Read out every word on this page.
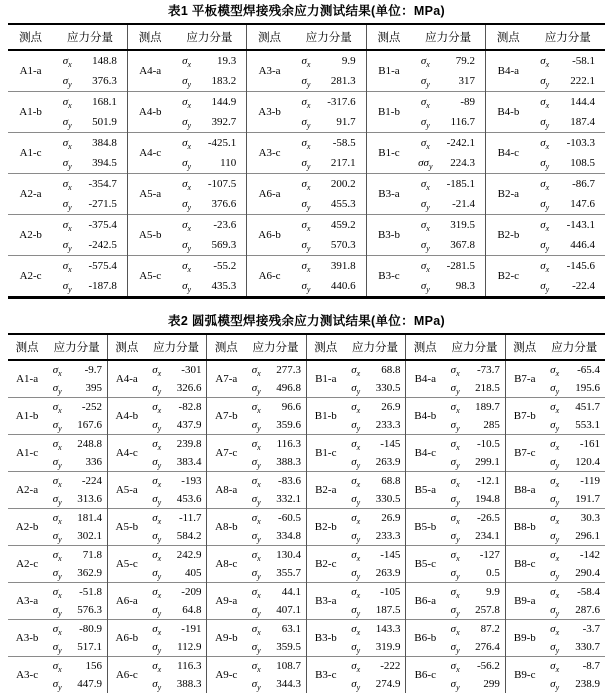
表1 平板模型焊接残余应力测试结果(单位：MPa)
测点	应力分量		测点	应力分量		测点	应力分量		测点	应力分量		测点	应力分量	
A1-a	$\sigma_x$	148.8	A4-a	$\sigma_x$	19.3	A3-a	$\sigma_x$	9.9	B1-a	$\sigma_x$	79.2	B4-a	$\sigma_x$	-58.1
	$\sigma_y$	376.3		$\sigma_y$	183.2		$\sigma_y$	281.3		$\sigma_y$	317		$\sigma_y$	222.1
A1-b	$\sigma_x$	168.1	A4-b	$\sigma_x$	144.9	A3-b	$\sigma_x$	-317.6	B1-b	$\sigma_x$	-89	B4-b	$\sigma_x$	144.4
	$\sigma_y$	501.9		$\sigma_y$	392.7		$\sigma_y$	91.7		$\sigma_y$	116.7		$\sigma_y$	187.4
A1-c	$\sigma_x$	384.8	A4-c	$\sigma_x$	-425.1	A3-c	$\sigma_x$	-58.5	B1-c	$\sigma_x$	-242.1	B4-c	$\sigma_x$	-103.3
	$\sigma_y$	394.5		$\sigma_y$	110		$\sigma_y$	217.1		$\sigma\sigma_y$	224.3		$\sigma_y$	108.5
A2-a	$\sigma_x$	-354.7	A5-a	$\sigma_x$	-107.5	A6-a	$\sigma_x$	200.2	B3-a	$\sigma_x$	-185.1	B2-a	$\sigma_x$	-86.7
	$\sigma_y$	-271.5		$\sigma_y$	376.6		$\sigma_y$	455.3		$\sigma_y$	-21.4		$\sigma_y$	147.6
A2-b	$\sigma_x$	-375.4	A5-b	$\sigma_x$	-23.6	A6-b	$\sigma_x$	459.2	B3-b	$\sigma_x$	319.5	B2-b	$\sigma_x$	-143.1
	$\sigma_y$	-242.5		$\sigma_y$	569.3		$\sigma_y$	570.3		$\sigma_y$	367.8		$\sigma_y$	446.4
A2-c	$\sigma_x$	-575.4	A5-c	$\sigma_x$	-55.2	A6-c	$\sigma_x$	391.8	B3-c	$\sigma_x$	-281.5	B2-c	$\sigma_x$	-145.6
	$\sigma_y$	-187.8		$\sigma_y$	435.3		$\sigma_y$	440.6		$\sigma_y$	98.3		$\sigma_y$	-22.4
表2 圆弧模型焊接残余应力测试结果(单位：MPa)
测点	应力分量		测点	应力分量		测点	应力分量		测点	应力分量		测点	应力分量		测点	应力分量	
A1-a	$\sigma_x$	-9.7	A4-a	$\sigma_x$	-301	A7-a	$\sigma_x$	277.3	B1-a	$\sigma_x$	68.8	B4-a	$\sigma_x$	-73.7	B7-a	$\sigma_x$	-65.4
	$\sigma_y$	395		$\sigma_y$	326.6		$\sigma_y$	496.8		$\sigma_y$	330.5		$\sigma_y$	218.5		$\sigma_y$	195.6
A1-b	$\sigma_x$	-252	A4-b	$\sigma_x$	-82.8	A7-b	$\sigma_x$	96.6	B1-b	$\sigma_x$	26.9	B4-b	$\sigma_x$	189.7	B7-b	$\sigma_x$	451.7
	$\sigma_y$	167.6		$\sigma_y$	437.9		$\sigma_y$	359.6		$\sigma_y$	233.3		$\sigma_y$	285		$\sigma_y$	553.1
A1-c	$\sigma_x$	248.8	A4-c	$\sigma_x$	239.8	A7-c	$\sigma_x$	116.3	B1-c	$\sigma_x$	-145	B4-c	$\sigma_x$	-10.5	B7-c	$\sigma_x$	-161
	$\sigma_y$	336		$\sigma_y$	383.4		$\sigma_y$	388.3		$\sigma_y$	263.9		$\sigma_y$	299.1		$\sigma_y$	120.4
A2-a	$\sigma_x$	-224	A5-a	$\sigma_x$	-193	A8-a	$\sigma_x$	-83.6	B2-a	$\sigma_x$	68.8	B5-a	$\sigma_x$	-12.1	B8-a	$\sigma_x$	-119
	$\sigma_y$	313.6		$\sigma_y$	453.6		$\sigma_y$	332.1		$\sigma_y$	330.5		$\sigma_y$	194.8		$\sigma_y$	191.7
A2-b	$\sigma_x$	181.4	A5-b	$\sigma_x$	-11.7	A8-b	$\sigma_x$	-60.5	B2-b	$\sigma_x$	26.9	B5-b	$\sigma_x$	-26.5	B8-b	$\sigma_x$	30.3
	$\sigma_y$	302.1		$\sigma_y$	584.2		$\sigma_y$	334.8		$\sigma_y$	233.3		$\sigma_y$	234.1		$\sigma_y$	296.1
A2-c	$\sigma_x$	71.8	A5-c	$\sigma_x$	242.9	A8-c	$\sigma_x$	130.4	B2-c	$\sigma_x$	-145	B5-c	$\sigma_x$	-127	B8-c	$\sigma_x$	-142
	$\sigma_y$	362.9		$\sigma_y$	405		$\sigma_y$	355.7		$\sigma_y$	263.9		$\sigma_y$	0.5		$\sigma_y$	290.4
A3-a	$\sigma_x$	-51.8	A6-a	$\sigma_x$	-209	A9-a	$\sigma_x$	44.1	B3-a	$\sigma_x$	-105	B6-a	$\sigma_x$	9.9	B9-a	$\sigma_x$	-58.4
	$\sigma_y$	576.3		$\sigma_y$	64.8		$\sigma_y$	407.1		$\sigma_y$	187.5		$\sigma_y$	257.8		$\sigma_y$	287.6
A3-b	$\sigma_x$	-80.9	A6-b	$\sigma_x$	-191	A9-b	$\sigma_x$	63.1	B3-b	$\sigma_x$	143.3	B6-b	$\sigma_x$	87.2	B9-b	$\sigma_x$	-3.7
	$\sigma_y$	517.1		$\sigma_y$	112.9		$\sigma_y$	359.5		$\sigma_y$	319.9		$\sigma_y$	276.4		$\sigma_y$	330.7
A3-c	$\sigma_x$	156	A6-c	$\sigma_x$	116.3	A9-c	$\sigma_x$	108.7	B3-c	$\sigma_x$	-222	B6-c	$\sigma_x$	-56.2	B9-c	$\sigma_x$	-8.7
	$\sigma_y$	447.9		$\sigma_y$	388.3		$\sigma_y$	344.3		$\sigma_y$	274.9		$\sigma_y$	299		$\sigma_y$	238.9
